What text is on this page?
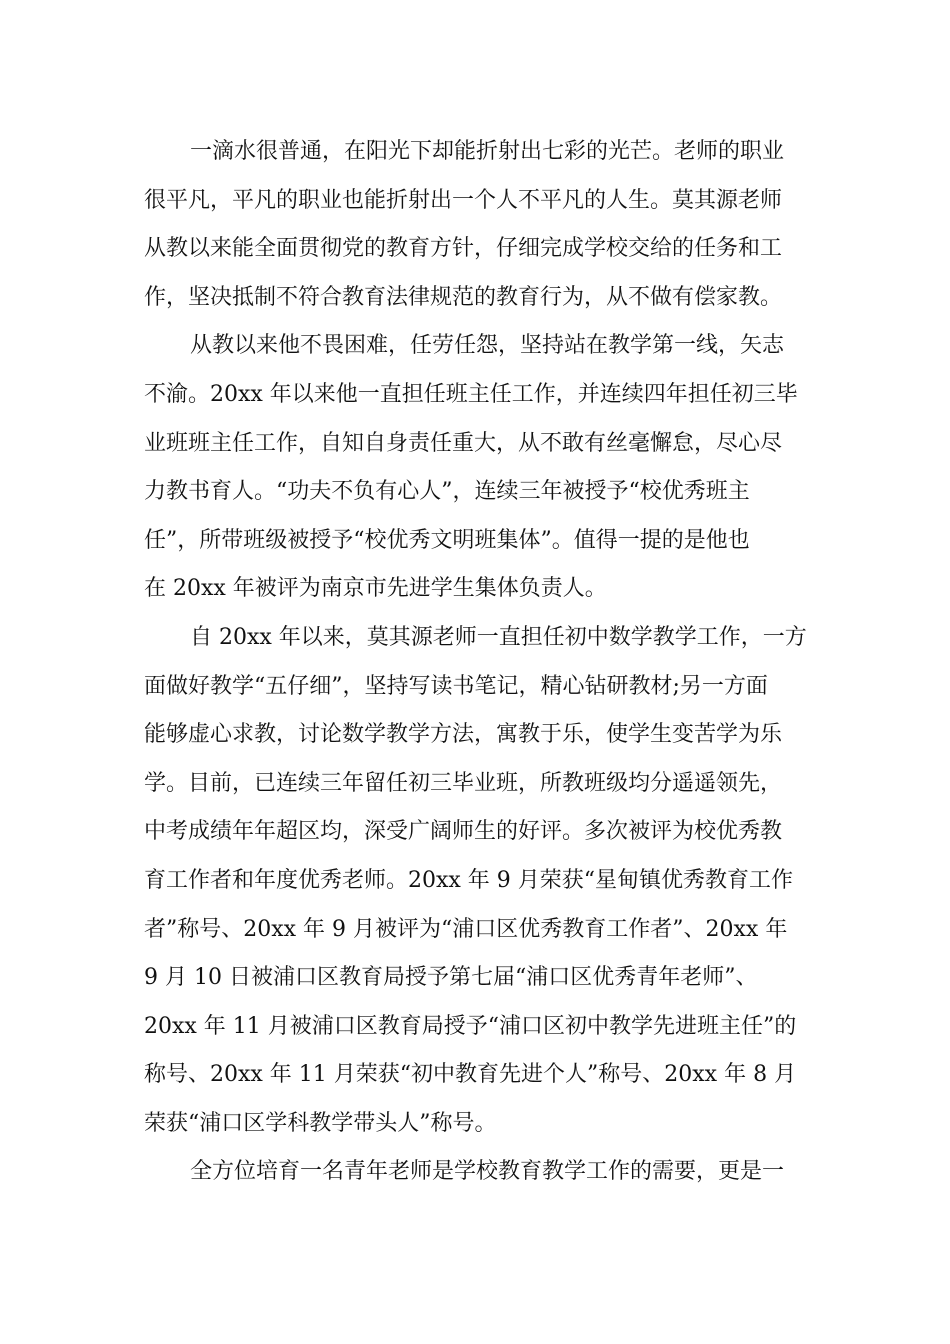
一滴水很普通，在阳光下却能折射出七彩的光芒。老师的职业
很平凡，平凡的职业也能折射出一个人不平凡的人生。莫其源老师
从教以来能全面贯彻党的教育方针，仔细完成学校交给的任务和工
作，坚决抵制不符合教育法律规范的教育行为，从不做有偿家教。
从教以来他不畏困难，任劳任怨，坚持站在教学第一线，矢志
不渝。20xx 年以来他一直担任班主任工作，并连续四年担任初三毕
业班班主任工作，自知自身责任重大，从不敢有丝毫懈怠，尽心尽
力教书育人。“功夫不负有心人”，连续三年被授予“校优秀班主
任”，所带班级被授予“校优秀文明班集体”。值得一提的是他也
在 20xx 年被评为南京市先进学生集体负责人。
自 20xx 年以来，莫其源老师一直担任初中数学教学工作，一方
面做好教学“五仔细”，坚持写读书笔记，精心钻研教材;另一方面
能够虚心求教，讨论数学教学方法，寓教于乐，使学生变苦学为乐
学。目前，已连续三年留任初三毕业班，所教班级均分遥遥领先，
中考成绩年年超区均，深受广阔师生的好评。多次被评为校优秀教
育工作者和年度优秀老师。20xx 年 9 月荣获“星甸镇优秀教育工作
者”称号、20xx 年 9 月被评为“浦口区优秀教育工作者”、20xx 年
9 月 10 日被浦口区教育局授予第七届“浦口区优秀青年老师”、
20xx 年 11 月被浦口区教育局授予“浦口区初中教学先进班主任”的
称号、20xx 年 11 月荣获“初中教育先进个人”称号、20xx 年 8 月
荣获“浦口区学科教学带头人”称号。
全方位培育一名青年老师是学校教育教学工作的需要，更是一
